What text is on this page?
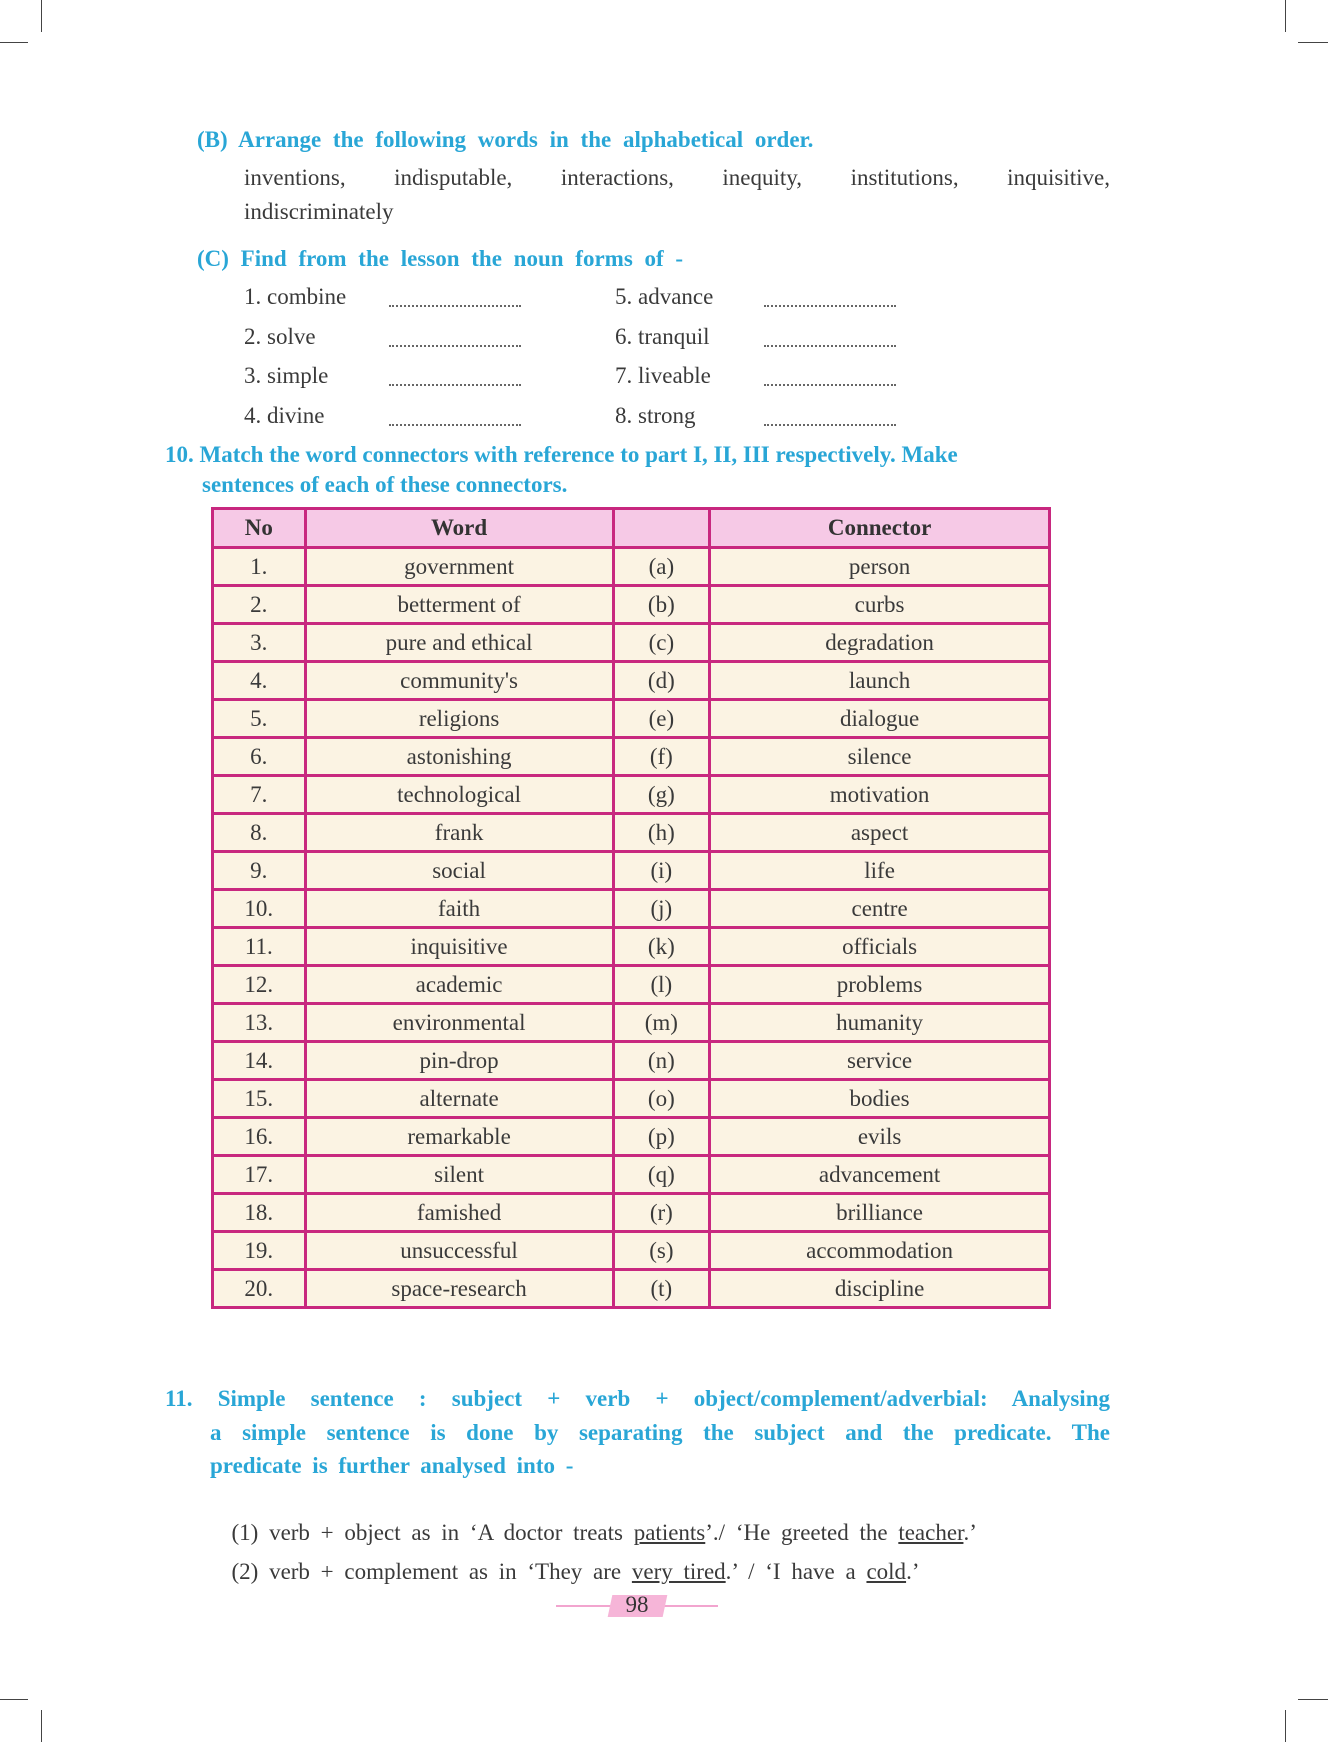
(B) Arrange the following words in the alphabetical order.
inventions, indisputable, interactions, inequity, institutions, inquisitive,
indiscriminately
(C) Find from the lesson the noun forms of -
1. combine
2. solve
3. simple
4. divine
5. advance
6. tranquil
7. liveable
8. strong
10. Match the word connectors with reference to part I, II, III respectively. Make
sentences of each of these connectors.
No	Word		Connector
1.	government	(a)	person
2.	betterment of	(b)	curbs
3.	pure and ethical	(c)	degradation
4.	community's	(d)	launch
5.	religions	(e)	dialogue
6.	astonishing	(f)	silence
7.	technological	(g)	motivation
8.	frank	(h)	aspect
9.	social	(i)	life
10.	faith	(j)	centre
11.	inquisitive	(k)	officials
12.	academic	(l)	problems
13.	environmental	(m)	humanity
14.	pin-drop	(n)	service
15.	alternate	(o)	bodies
16.	remarkable	(p)	evils
17.	silent	(q)	advancement
18.	famished	(r)	brilliance
19.	unsuccessful	(s)	accommodation
20.	space-research	(t)	discipline
11. Simple sentence : subject + verb + object/complement/adverbial: Analysing
a simple sentence is done by separating the subject and the predicate. The
predicate is further analysed into -

(1) verb + object as in ‘A doctor treats patients’./ ‘He greeted the teacher.’

(2) verb + complement as in ‘They are very tired.’ / ‘I have a cold.’

98
